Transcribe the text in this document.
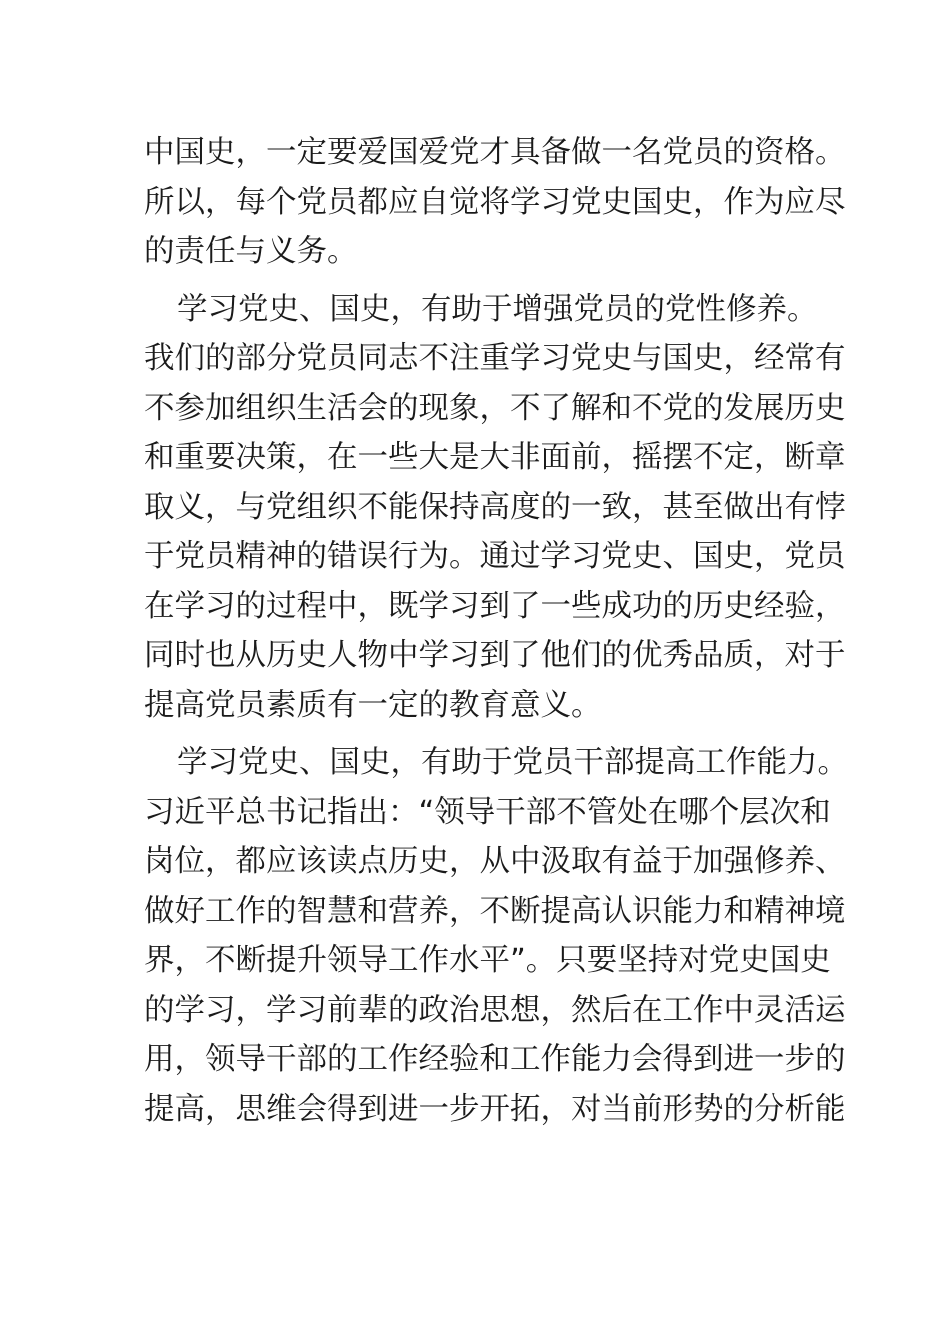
中国史，一定要爱国爱党才具备做一名党员的资格。
所以，每个党员都应自觉将学习党史国史，作为应尽
的责任与义务。
学习党史、国史，有助于增强党员的党性修养。
我们的部分党员同志不注重学习党史与国史，经常有
不参加组织生活会的现象，不了解和不党的发展历史
和重要决策，在一些大是大非面前，摇摆不定，断章
取义，与党组织不能保持高度的一致，甚至做出有悖
于党员精神的错误行为。通过学习党史、国史，党员
在学习的过程中，既学习到了一些成功的历史经验，
同时也从历史人物中学习到了他们的优秀品质，对于
提高党员素质有一定的教育意义。
学习党史、国史，有助于党员干部提高工作能力。
习近平总书记指出：“领导干部不管处在哪个层次和
岗位，都应该读点历史，从中汲取有益于加强修养、
做好工作的智慧和营养，不断提高认识能力和精神境
界，不断提升领导工作水平”。只要坚持对党史国史
的学习，学习前辈的政治思想，然后在工作中灵活运
用，领导干部的工作经验和工作能力会得到进一步的
提高，思维会得到进一步开拓，对当前形势的分析能
